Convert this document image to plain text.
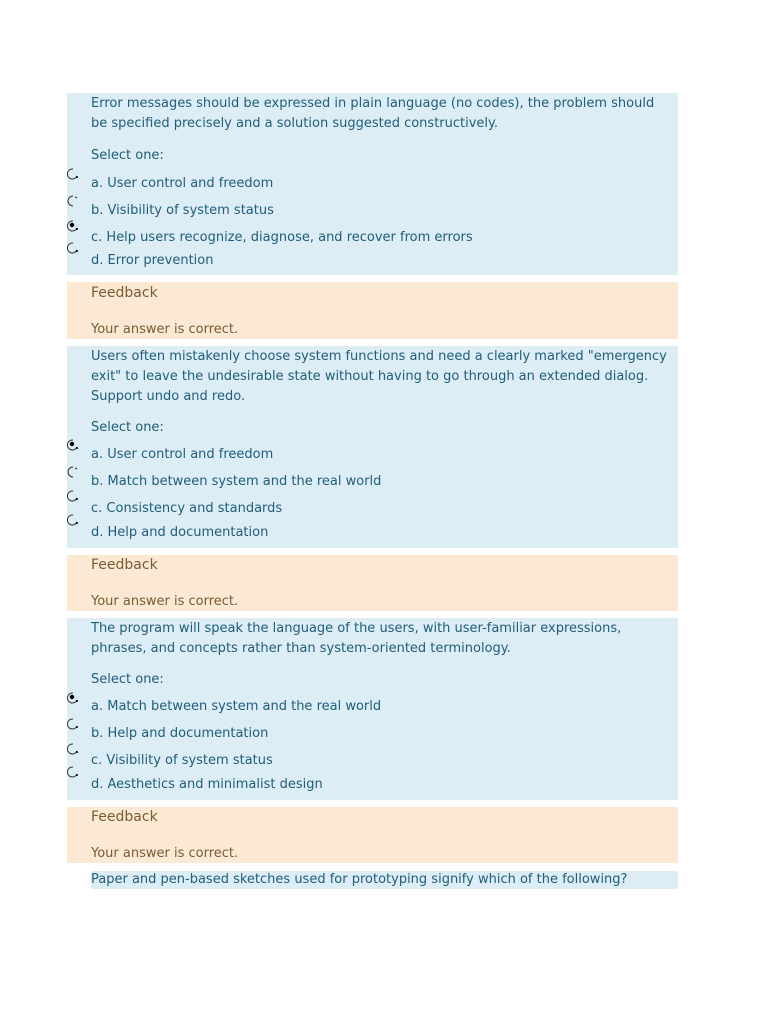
Error messages should be expressed in plain language (no codes), the problem should be specified precisely and a solution suggested constructively.
Select one:
a. User control and freedom
b. Visibility of system status
c. Help users recognize, diagnose, and recover from errors
d. Error prevention
Feedback
Your answer is correct.
Users often mistakenly choose system functions and need a clearly marked "emergency exit" to leave the undesirable state without having to go through an extended dialog. Support undo and redo.
Select one:
a. User control and freedom
b. Match between system and the real world
c. Consistency and standards
d. Help and documentation
Feedback
Your answer is correct.
The program will speak the language of the users, with user-familiar expressions, phrases, and concepts rather than system-oriented terminology.
Select one:
a. Match between system and the real world
b. Help and documentation
c. Visibility of system status
d. Aesthetics and minimalist design
Feedback
Your answer is correct.
Paper and pen-based sketches used for prototyping signify which of the following?
